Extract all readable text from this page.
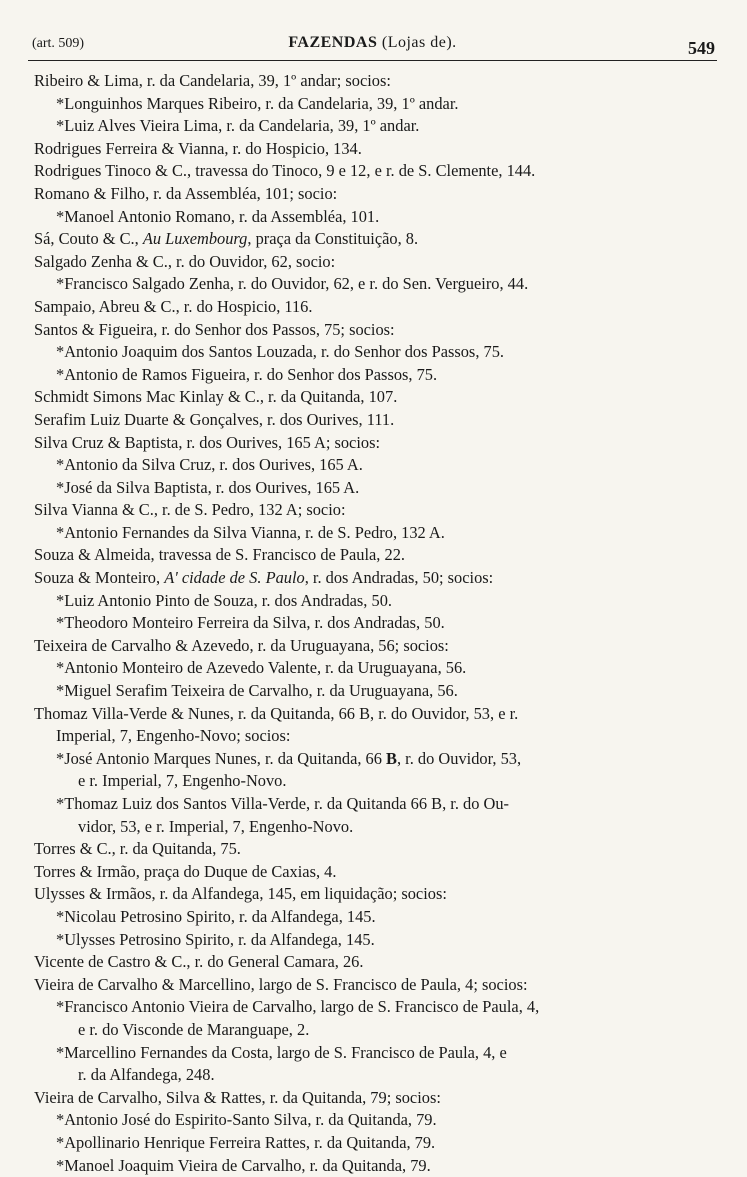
(art. 509)	FAZENDAS (Lojas de).	549
Ribeiro & Lima, r. da Candelaria, 39, 1º andar; socios:
*Longuinhos Marques Ribeiro, r. da Candelaria, 39, 1º andar.
*Luiz Alves Vieira Lima, r. da Candelaria, 39, 1º andar.
Rodrigues Ferreira & Vianna, r. do Hospicio, 134.
Rodrigues Tinoco & C., travessa do Tinoco, 9 e 12, e r. de S. Clemente, 144.
Romano & Filho, r. da Assembléa, 101; socio:
*Manoel Antonio Romano, r. da Assembléa, 101.
Sá, Couto & C., Au Luxembourg, praça da Constituição, 8.
Salgado Zenha & C., r. do Ouvidor, 62, socio:
*Francisco Salgado Zenha, r. do Ouvidor, 62, e r. do Sen. Vergueiro, 44.
Sampaio, Abreu & C., r. do Hospicio, 116.
Santos & Figueira, r. do Senhor dos Passos, 75; socios:
*Antonio Joaquim dos Santos Louzada, r. do Senhor dos Passos, 75.
*Antonio de Ramos Figueira, r. do Senhor dos Passos, 75.
Schmidt Simons Mac Kinlay & C., r. da Quitanda, 107.
Serafim Luiz Duarte & Gonçalves, r. dos Ourives, 111.
Silva Cruz & Baptista, r. dos Ourives, 165 A; socios:
*Antonio da Silva Cruz, r. dos Ourives, 165 A.
*José da Silva Baptista, r. dos Ourives, 165 A.
Silva Vianna & C., r. de S. Pedro, 132 A; socio:
*Antonio Fernandes da Silva Vianna, r. de S. Pedro, 132 A.
Souza & Almeida, travessa de S. Francisco de Paula, 22.
Souza & Monteiro, A' cidade de S. Paulo, r. dos Andradas, 50; socios:
*Luiz Antonio Pinto de Souza, r. dos Andradas, 50.
*Theodoro Monteiro Ferreira da Silva, r. dos Andradas, 50.
Teixeira de Carvalho & Azevedo, r. da Uruguayana, 56; socios:
*Antonio Monteiro de Azevedo Valente, r. da Uruguayana, 56.
*Miguel Serafim Teixeira de Carvalho, r. da Uruguayana, 56.
Thomaz Villa-Verde & Nunes, r. da Quitanda, 66 B, r. do Ouvidor, 53, e r.
Imperial, 7, Engenho-Novo; socios:
*José Antonio Marques Nunes, r. da Quitanda, 66 B, r. do Ouvidor, 53,
e r. Imperial, 7, Engenho-Novo.
*Thomaz Luiz dos Santos Villa-Verde, r. da Quitanda 66 B, r. do Ou-
vidor, 53, e r. Imperial, 7, Engenho-Novo.
Torres & C., r. da Quitanda, 75.
Torres & Irmão, praça do Duque de Caxias, 4.
Ulysses & Irmãos, r. da Alfandega, 145, em liquidação; socios:
*Nicolau Petrosino Spirito, r. da Alfandega, 145.
*Ulysses Petrosino Spirito, r. da Alfandega, 145.
Vicente de Castro & C., r. do General Camara, 26.
Vieira de Carvalho & Marcellino, largo de S. Francisco de Paula, 4; socios:
*Francisco Antonio Vieira de Carvalho, largo de S. Francisco de Paula, 4,
e r. do Visconde de Maranguape, 2.
*Marcellino Fernandes da Costa, largo de S. Francisco de Paula, 4, e
r. da Alfandega, 248.
Vieira de Carvalho, Silva & Rattes, r. da Quitanda, 79; socios:
*Antonio José do Espirito-Santo Silva, r. da Quitanda, 79.
*Apollinario Henrique Ferreira Rattes, r. da Quitanda, 79.
*Manoel Joaquim Vieira de Carvalho, r. da Quitanda, 79.
